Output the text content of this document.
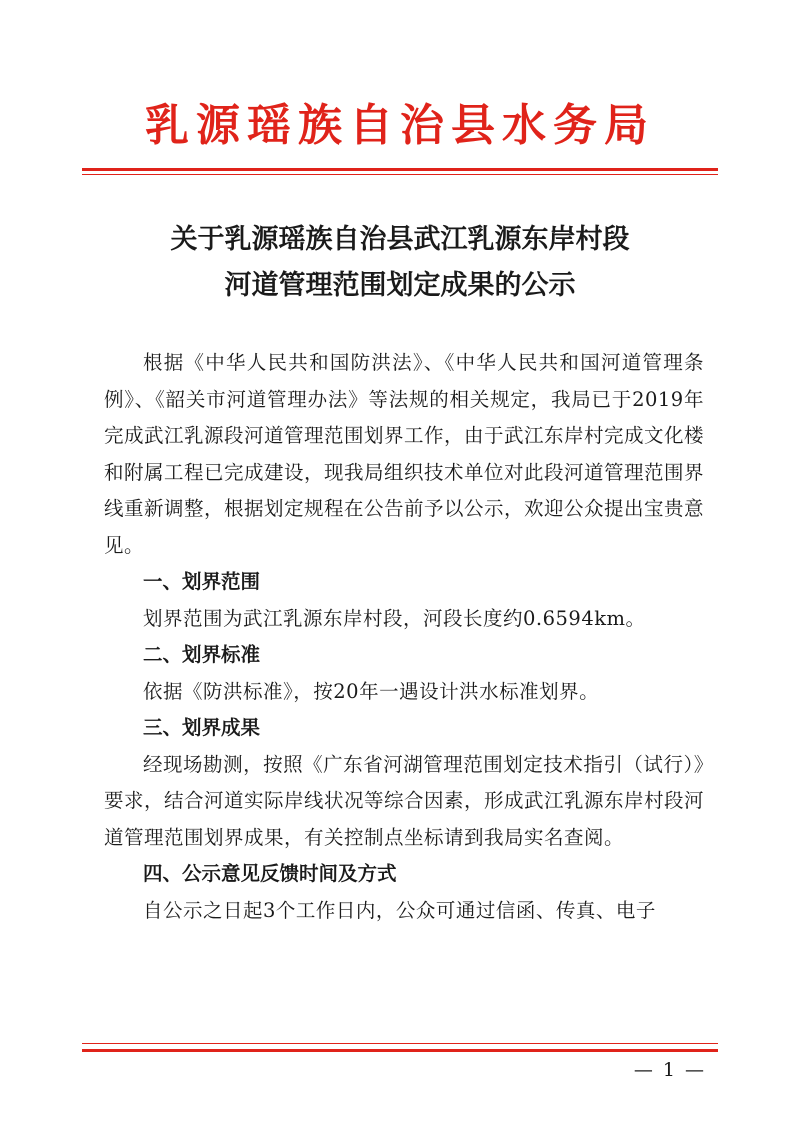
乳源瑶族自治县水务局
关于乳源瑶族自治县武江乳源东岸村段
河道管理范围划定成果的公示

根据《中华人民共和国防洪法》、《中华人民共和国河道管理条例》、《韶关市河道管理办法》等法规的相关规定，我局已于2019年完成武江乳源段河道管理范围划界工作，由于武江东岸村完成文化楼和附属工程已完成建设，现我局组织技术单位对此段河道管理范围界线重新调整，根据划定规程在公告前予以公示，欢迎公众提出宝贵意见。

一、划界范围

划界范围为武江乳源东岸村段，河段长度约0.6594km。

二、划界标准

依据《防洪标准》，按20年一遇设计洪水标准划界。

三、划界成果

经现场勘测，按照《广东省河湖管理范围划定技术指引（试行）》要求，结合河道实际岸线状况等综合因素，形成武江乳源东岸村段河道管理范围划界成果，有关控制点坐标请到我局实名查阅。

四、公示意见反馈时间及方式

自公示之日起3个工作日内，公众可通过信函、传真、电子

— 1 —
